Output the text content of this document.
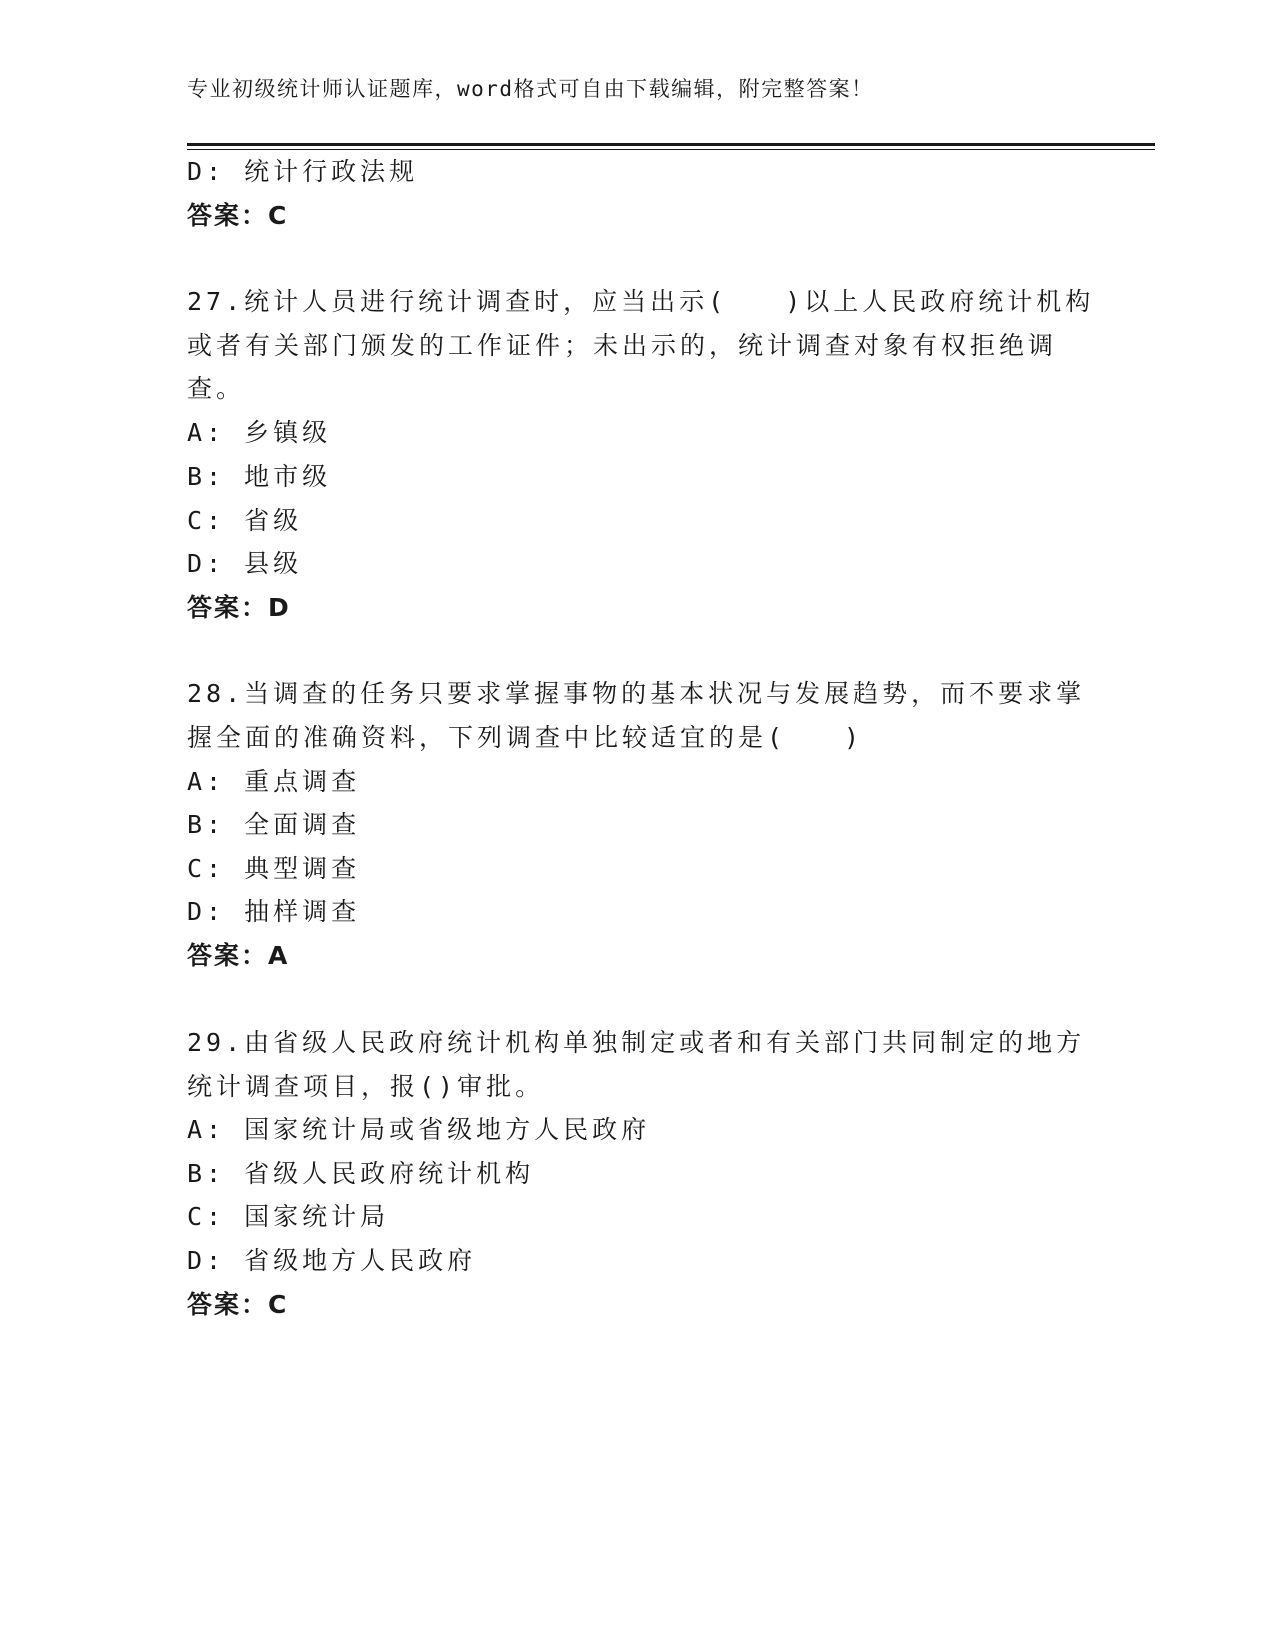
专业初级统计师认证题库，word格式可自由下载编辑，附完整答案！
D: 统计行政法规
答案：C
27.统计人员进行统计调查时，应当出示(　　)以上人民政府统计机构
或者有关部门颁发的工作证件；未出示的，统计调查对象有权拒绝调
查。
A: 乡镇级
B: 地市级
C: 省级
D: 县级
答案：D
28.当调查的任务只要求掌握事物的基本状况与发展趋势，而不要求掌
握全面的准确资料，下列调查中比较适宜的是(　　)
A: 重点调查
B: 全面调查
C: 典型调查
D: 抽样调查
答案：A
29.由省级人民政府统计机构单独制定或者和有关部门共同制定的地方
统计调查项目，报()审批。
A: 国家统计局或省级地方人民政府
B: 省级人民政府统计机构
C: 国家统计局
D: 省级地方人民政府
答案：C
